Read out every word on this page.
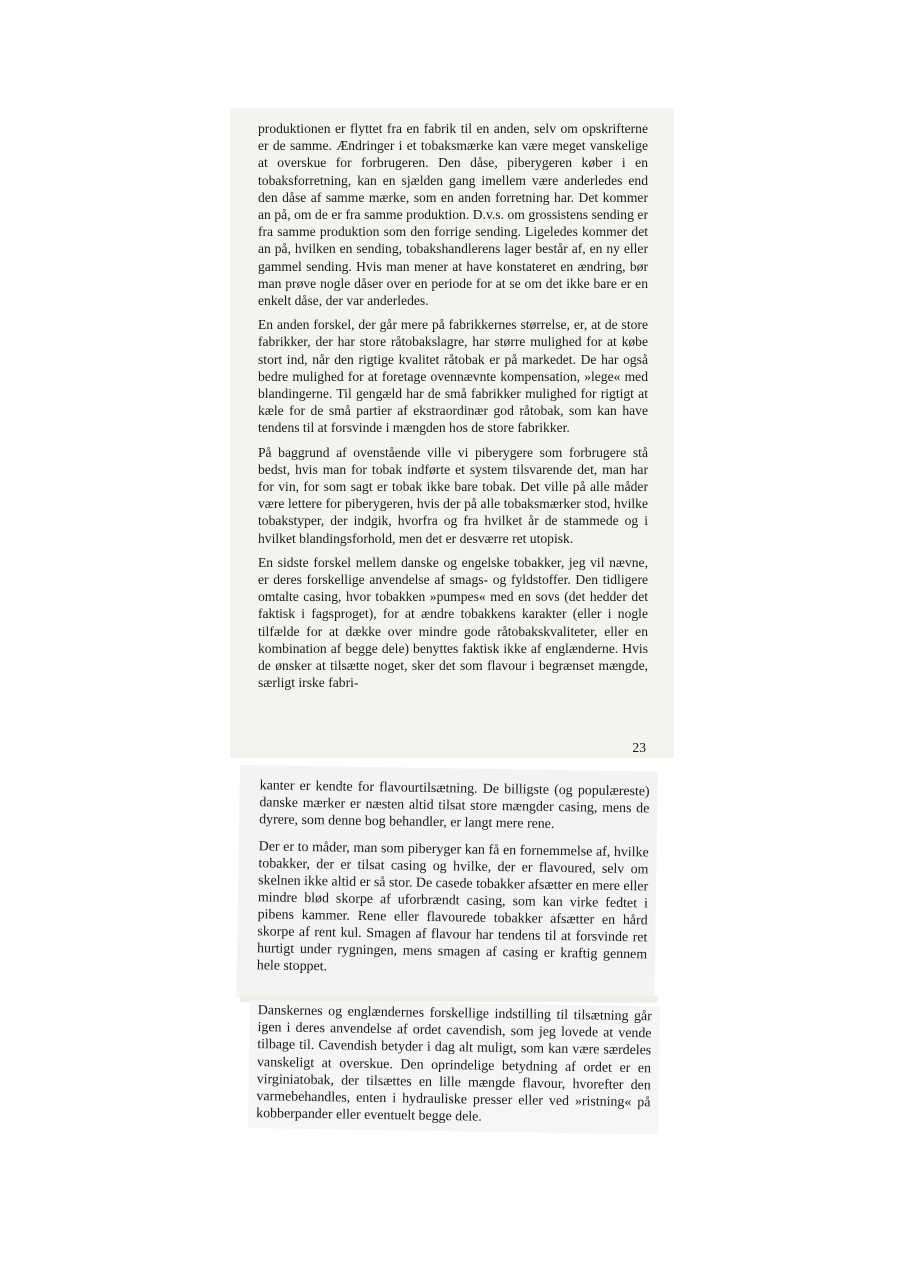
produktionen er flyttet fra en fabrik til en anden, selv om opskrifterne er de samme. Ændringer i et tobaksmærke kan være meget vanskelige at overskue for forbrugeren. Den dåse, piberygeren køber i en tobaksforretning, kan en sjælden gang imellem være anderledes end den dåse af samme mærke, som en anden forretning har. Det kommer an på, om de er fra samme produktion. D.v.s. om grossistens sending er fra samme produktion som den forrige sending. Ligeledes kommer det an på, hvilken en sending, tobakshandlerens lager består af, en ny eller gammel sending. Hvis man mener at have konstateret en ændring, bør man prøve nogle dåser over en periode for at se om det ikke bare er en enkelt dåse, der var anderledes.

En anden forskel, der går mere på fabrikkernes størrelse, er, at de store fabrikker, der har store råtobakslagre, har større mulighed for at købe stort ind, når den rigtige kvalitet råtobak er på markedet. De har også bedre mulighed for at foretage ovennævnte kompensation, »lege« med blandingerne. Til gengæld har de små fabrikker mulighed for rigtigt at kæle for de små partier af ekstraordinær god råtobak, som kan have tendens til at forsvinde i mængden hos de store fabrikker.

På baggrund af ovenstående ville vi piberygere som forbrugere stå bedst, hvis man for tobak indførte et system tilsvarende det, man har for vin, for som sagt er tobak ikke bare tobak. Det ville på alle måder være lettere for piberygeren, hvis der på alle tobaksmærker stod, hvilke tobakstyper, der indgik, hvorfra og fra hvilket år de stammede og i hvilket blandingsforhold, men det er desværre ret utopisk.

En sidste forskel mellem danske og engelske tobakker, jeg vil nævne, er deres forskellige anvendelse af smags- og fyldstoffer. Den tidligere omtalte casing, hvor tobakken »pumpes« med en sovs (det hedder det faktisk i fagsproget), for at ændre tobakkens karakter (eller i nogle tilfælde for at dække over mindre gode råtobakskvaliteter, eller en kombination af begge dele) benyttes faktisk ikke af englænderne. Hvis de ønsker at tilsætte noget, sker det som flavour i begrænset mængde, særligt irske fabri-

23

kanter er kendte for flavourtilsætning. De billigste (og populæreste) danske mærker er næsten altid tilsat store mængder casing, mens de dyrere, som denne bog behandler, er langt mere rene.

Der er to måder, man som piberyger kan få en fornemmelse af, hvilke tobakker, der er tilsat casing og hvilke, der er flavoured, selv om skelnen ikke altid er så stor. De casede tobakker afsætter en mere eller mindre blød skorpe af uforbrændt casing, som kan virke fedtet i pibens kammer. Rene eller flavourede tobakker afsætter en hård skorpe af rent kul. Smagen af flavour har tendens til at forsvinde ret hurtigt under rygningen, mens smagen af casing er kraftig gennem hele stoppet.

Danskernes og englændernes forskellige indstilling til tilsætning går igen i deres anvendelse af ordet cavendish, som jeg lovede at vende tilbage til. Cavendish betyder i dag alt muligt, som kan være særdeles vanskeligt at overskue. Den oprindelige betydning af ordet er en virginiatobak, der tilsættes en lille mængde flavour, hvorefter den varmebehandles, enten i hydrauliske presser eller ved »ristning« på kobberpander eller eventuelt begge dele.
